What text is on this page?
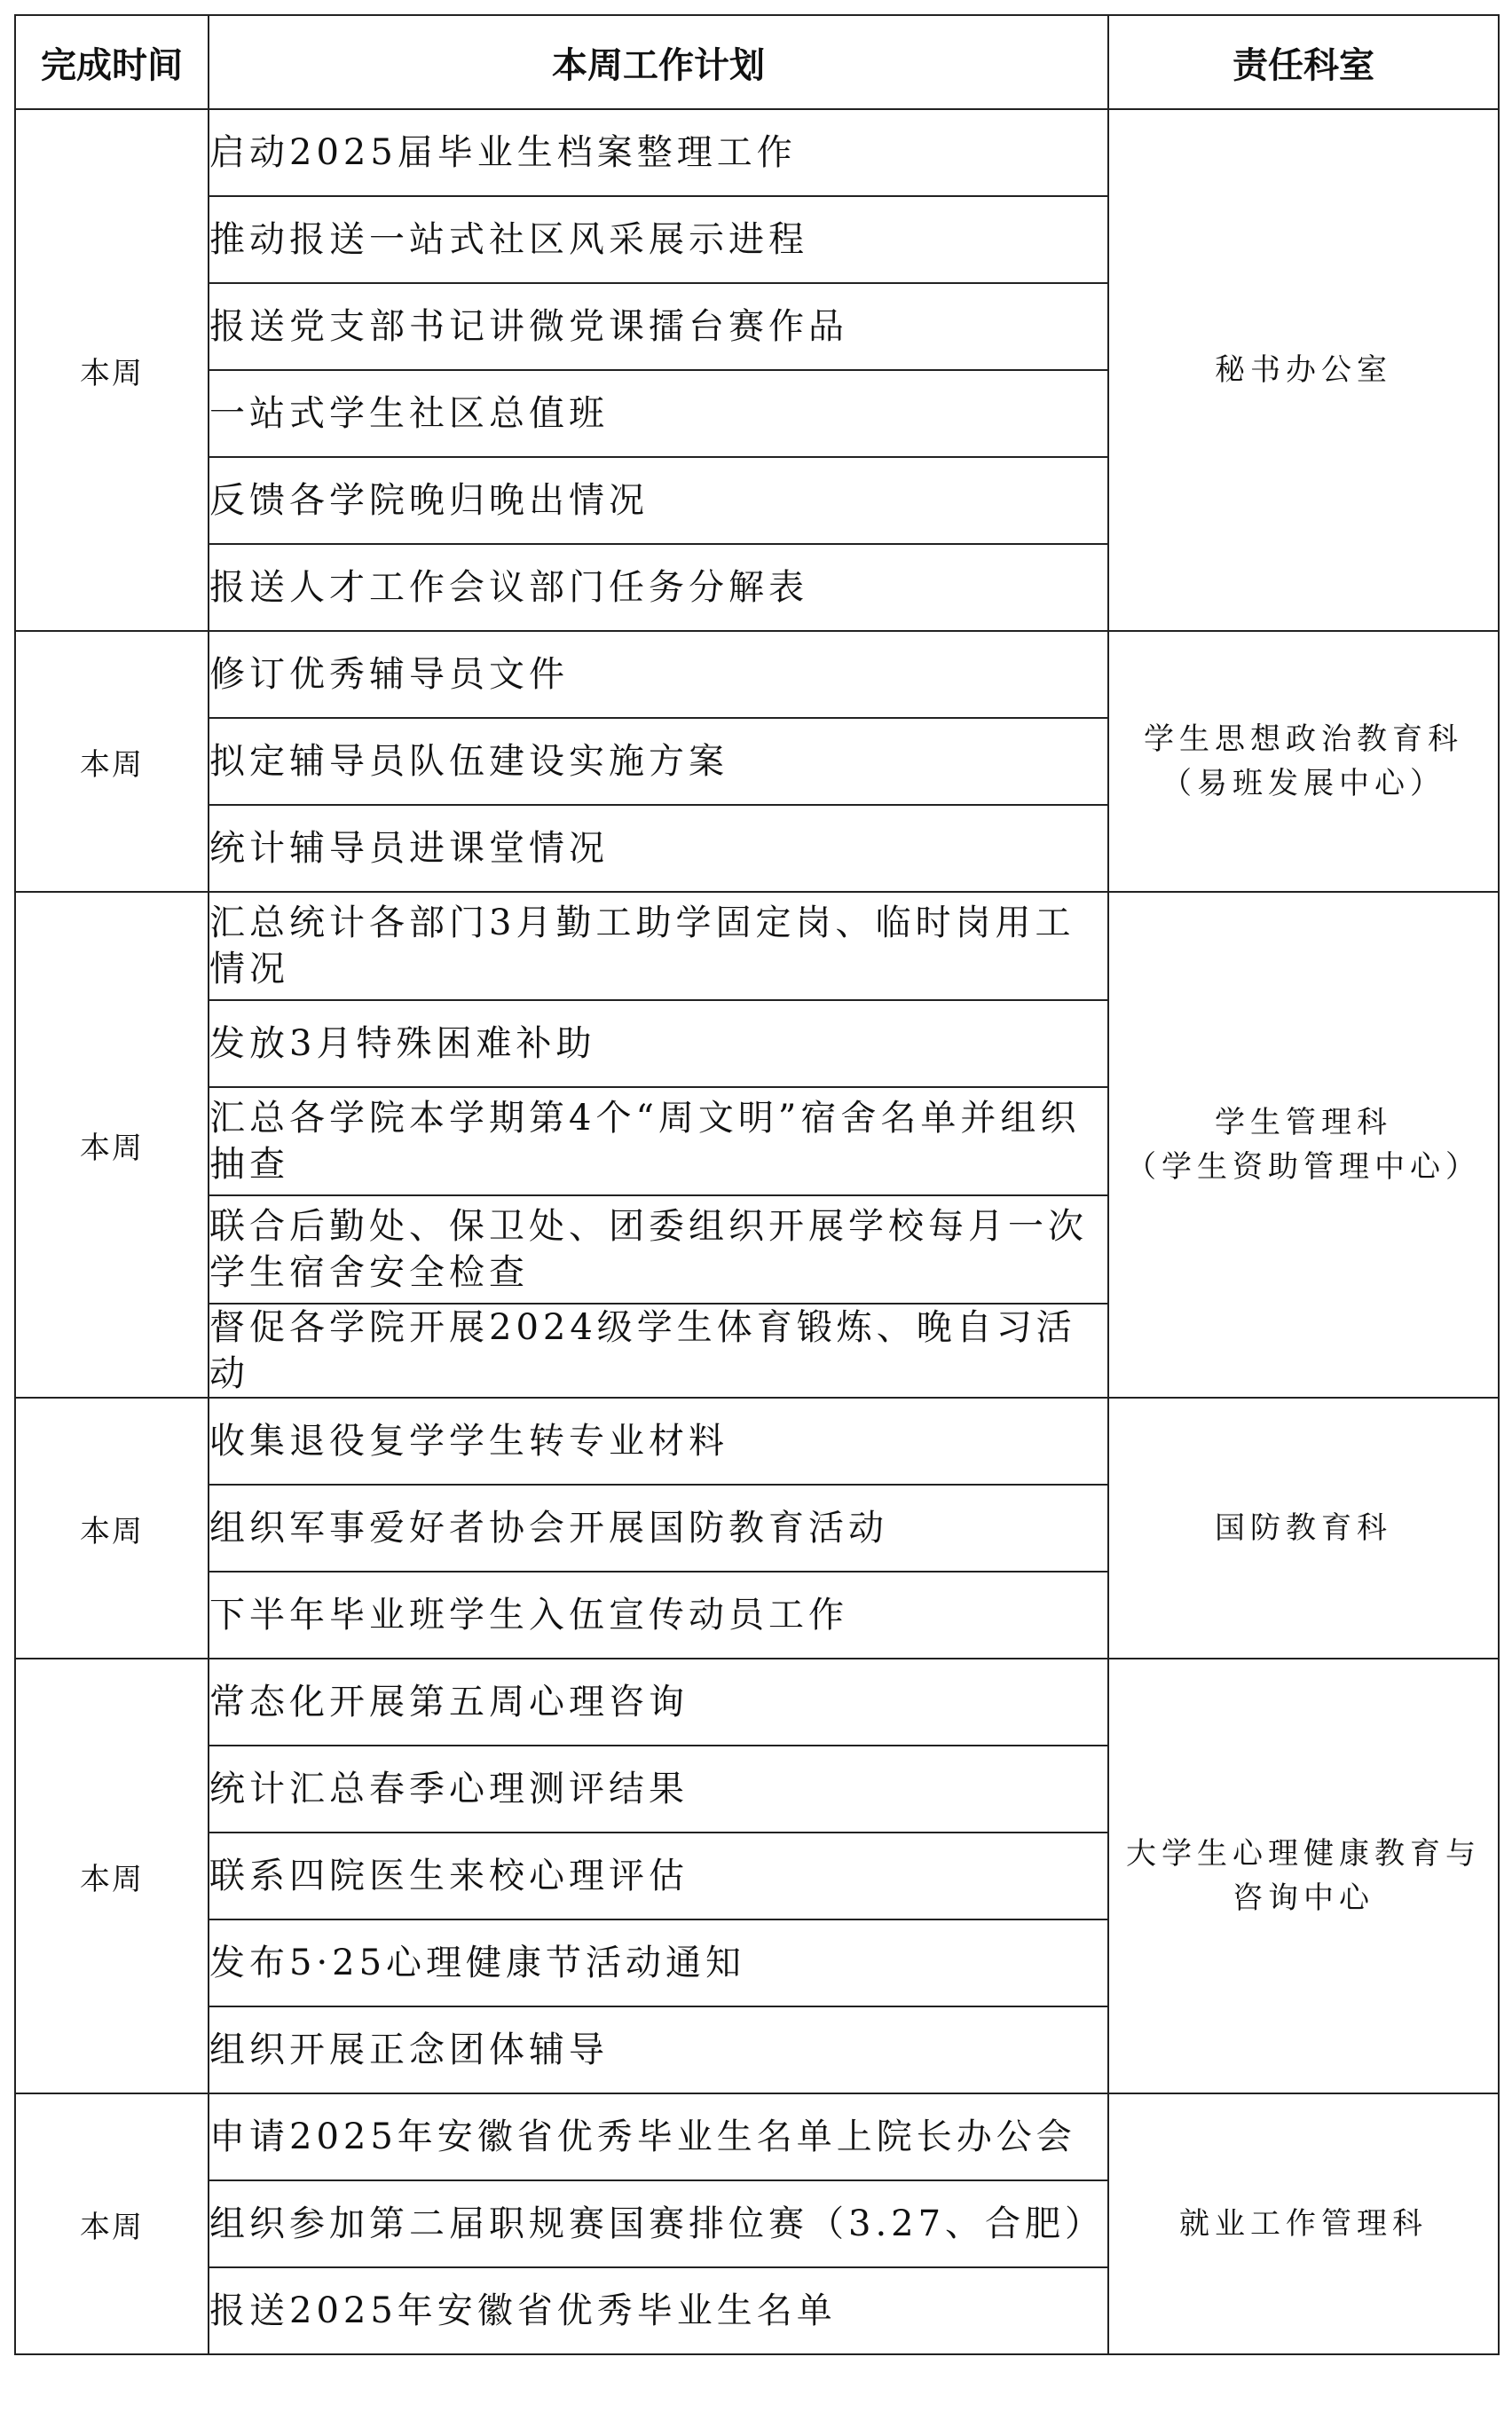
完成时间	本周工作计划	责任科室
本周	启动2025届毕业生档案整理工作	秘书办公室

	推动报送一站式社区风采展示进程	
	报送党支部书记讲微党课擂台赛作品	
	一站式学生社区总值班	
	反馈各学院晚归晚出情况	
	报送人才工作会议部门任务分解表	
本周	修订优秀辅导员文件	学生思想政治教育科
（易班发展中心）

	拟定辅导员队伍建设实施方案	
	统计辅导员进课堂情况	
本周	汇总统计各部门3月勤工助学固定岗、临时岗用工情况	学生管理科
（学生资助管理中心）

	发放3月特殊困难补助	
	汇总各学院本学期第4个“周文明”宿舍名单并组织抽查	
	联合后勤处、保卫处、团委组织开展学校每月一次学生宿舍安全检查	
	督促各学院开展2024级学生体育锻炼、晚自习活动	
本周	收集退役复学学生转专业材料	国防教育科

	组织军事爱好者协会开展国防教育活动	
	下半年毕业班学生入伍宣传动员工作	
本周	常态化开展第五周心理咨询	大学生心理健康教育与
咨询中心

	统计汇总春季心理测评结果	
	联系四院医生来校心理评估	
	发布5·25心理健康节活动通知	
	组织开展正念团体辅导	
本周	申请2025年安徽省优秀毕业生名单上院长办公会	就业工作管理科

	组织参加第二届职规赛国赛排位赛（3.27、合肥）	
	报送2025年安徽省优秀毕业生名单	
